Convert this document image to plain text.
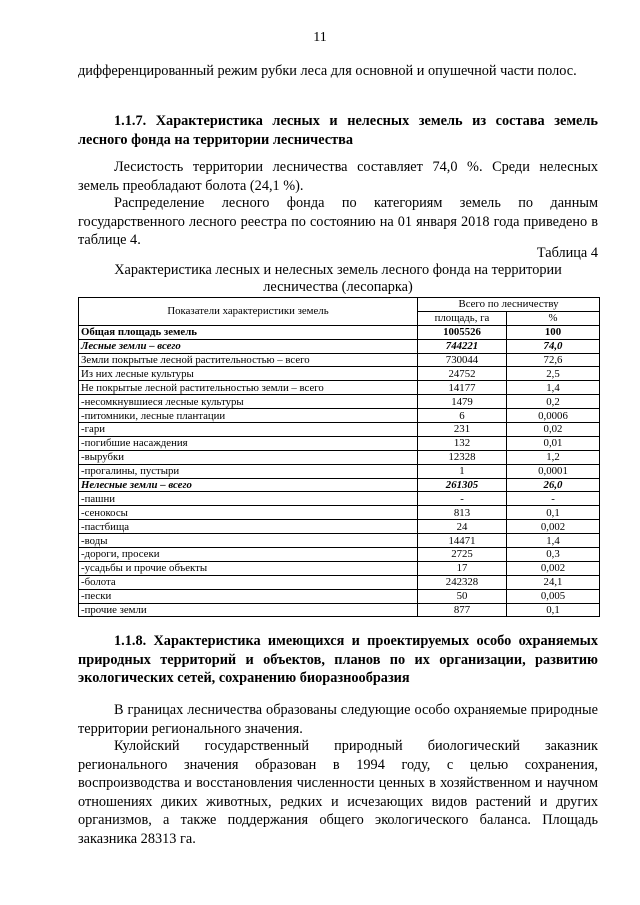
11

дифференцированный режим рубки леса для основной и опушечной части полос.

1.1.7. Характеристика лесных и нелесных земель из состава земель лесного фонда на территории лесничества

Лесистость территории лесничества составляет 74,0 %. Среди нелесных земель преобладают болота (24,1 %).

Распределение лесного фонда по категориям земель по данным государственного лесного реестра по состоянию на 01 января 2018 года приведено в таблице 4.

Таблица 4
Характеристика лесных и нелесных земель лесного фонда на территории лесничества (лесопарка)
Показатели характеристики земель	Всего по лесничеству	
	площадь, га	%
Общая площадь земель	1005526	100
Лесные земли – всего	744221	74,0
Земли покрытые лесной растительностью – всего	730044	72,6
Из них лесные культуры	24752	2,5
Не покрытые лесной растительностью земли – всего	14177	1,4
-несомкнувшиеся лесные культуры	1479	0,2
-питомники, лесные плантации	6	0,0006
-гари	231	0,02
-погибшие насаждения	132	0,01
-вырубки	12328	1,2
-прогалины, пустыри	1	0,0001
Нелесные земли – всего	261305	26,0
-пашни	-	-
-сенокосы	813	0,1
-пастбища	24	0,002
-воды	14471	1,4
-дороги, просеки	2725	0,3
-усадьбы и прочие объекты	17	0,002
-болота	242328	24,1
-пески	50	0,005
-прочие земли	877	0,1

1.1.8. Характеристика имеющихся и проектируемых особо охраняемых природных территорий и объектов, планов по их организации, развитию экологических сетей, сохранению биоразнообразия

В границах лесничества образованы следующие особо охраняемые природные территории регионального значения.

Кулойский государственный природный биологический заказник регионального значения образован в 1994 году, с целью сохранения, воспроизводства и восстановления численности ценных в хозяйственном и научном отношениях диких животных, редких и исчезающих видов растений и других организмов, а также поддержания общего экологического баланса. Площадь заказника 28313 га.
